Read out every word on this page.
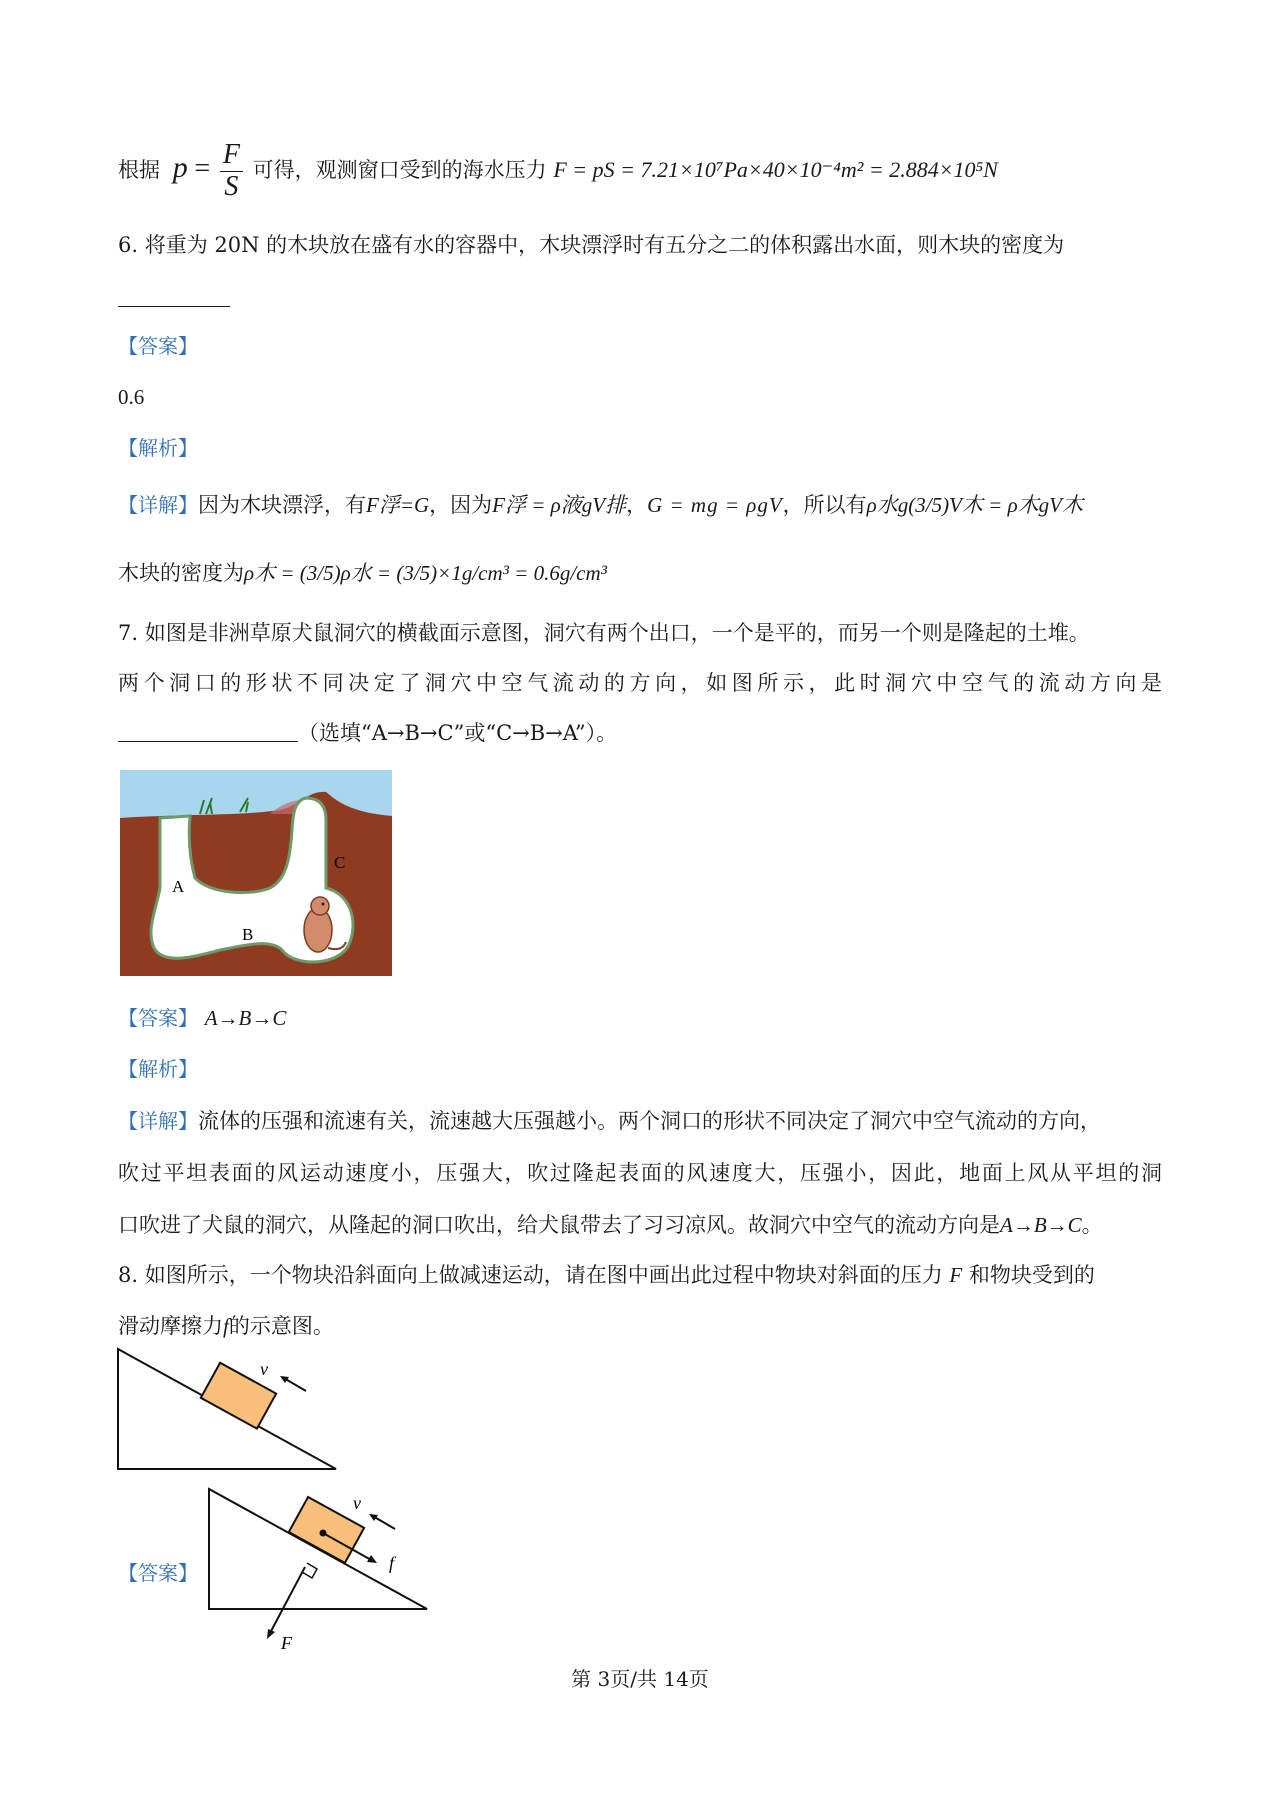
根据 $p = \frac{F}{S}$ 可得，观测窗口受到的海水压力 F = pS = 7.21×10⁷Pa×40×10⁻⁴m² = 2.884×10⁵N
6. 将重为 20N 的木块放在盛有水的容器中，木块漂浮时有五分之二的体积露出水面，则木块的密度为
【答案】
0.6
【解析】
【详解】因为木块漂浮，有F浮=G，因为F浮 = ρ液gV排，G = mg = ρgV，所以有ρ水g(3/5)V木 = ρ木gV木
木块的密度为ρ木 = (3/5)ρ水 = (3/5)×1g/cm³ = 0.6g/cm³
7. 如图是非洲草原犬鼠洞穴的横截面示意图，洞穴有两个出口，一个是平的，而另一个则是隆起的土堆。
两个洞口的形状不同决定了洞穴中空气流动的方向，如图所示，此时洞穴中空气的流动方向是
（选填“A→B→C”或“C→B→A”）。
A
C
B
【答案】 A→B→C
【解析】
【详解】流体的压强和流速有关，流速越大压强越小。两个洞口的形状不同决定了洞穴中空气流动的方向，
吹过平坦表面的风运动速度小，压强大，吹过隆起表面的风速度大，压强小，因此，地面上风从平坦的洞
口吹进了犬鼠的洞穴，从隆起的洞口吹出，给犬鼠带去了习习凉风。故洞穴中空气的流动方向是A→B→C。
8. 如图所示，一个物块沿斜面向上做减速运动，请在图中画出此过程中物块对斜面的压力 F 和物块受到的
滑动摩擦力f的示意图。
v
【答案】	f
F
v
第 3页/共 14页
